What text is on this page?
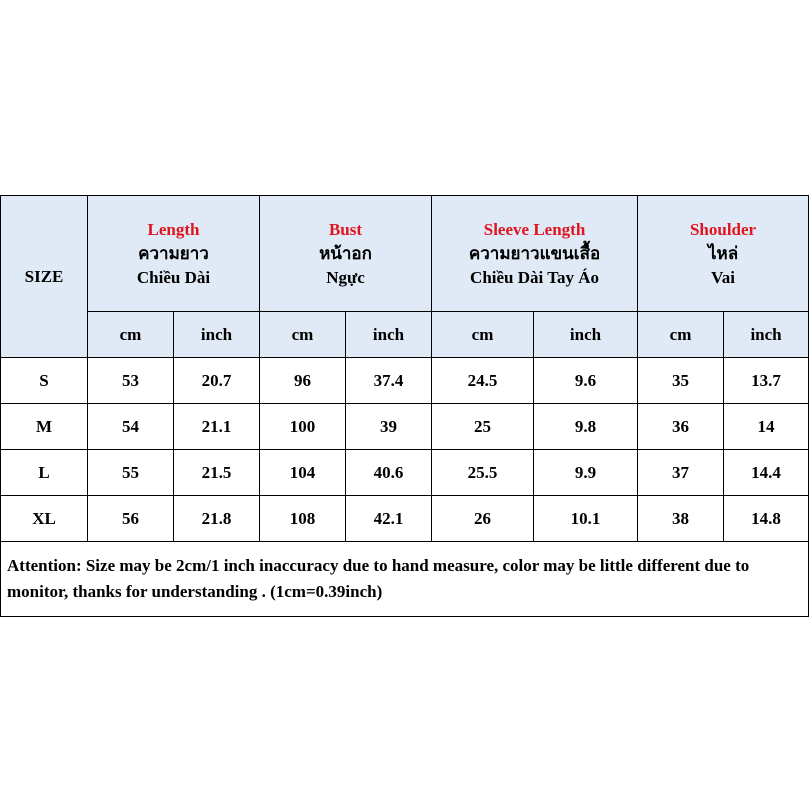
SIZE	Length
ความยาว
Chiều Dài		Bust
หน้าอก
Ngực		Sleeve Length
ความยาวแขนเสื้อ
Chiều Dài Tay Áo		Shoulder
ไหล่
Vai	

	cm	inch	cm	inch	cm	inch	cm	inch
S	53	20.7	96	37.4	24.5	9.6	35	13.7
M	54	21.1	100	39	25	9.8	36	14
L	55	21.5	104	40.6	25.5	9.9	37	14.4
XL	56	21.8	108	42.1	26	10.1	38	14.8
Attention: Size may be 2cm/1 inch inaccuracy due to hand measure, color may be little different due to monitor, thanks for understanding . (1cm=0.39inch)								
